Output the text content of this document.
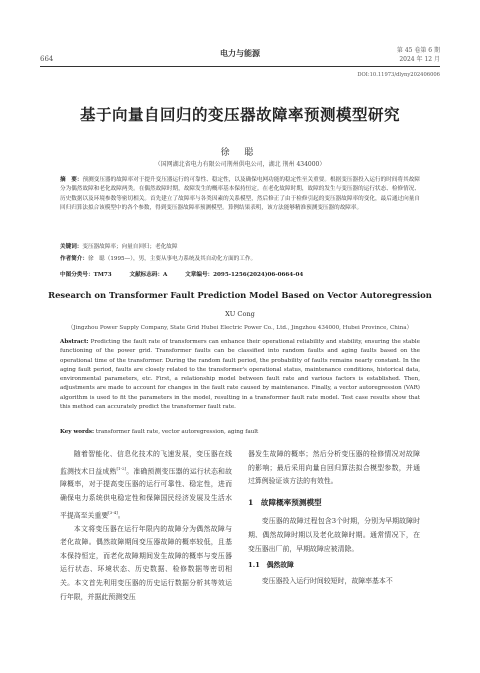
664
电力与能源	第 45 卷第 6 期
2024 年 12 月
DOI:10.11973/dlyny202406006
基于向量自回归的变压器故障率预测模型研究
徐 聪
（国网湖北省电力有限公司荆州供电公司，湖北 荆州 434000）
摘　要：预测变压器的故障率对于提升变压器运行的可靠性、稳定性，以及确保电网功能的稳定性至关重要。根据变压器投入运行的时间将其故障分为偶然故障和老化故障两类。在偶然故障时期，故障发生的概率基本保持恒定。在老化故障时期，故障的发生与变压器的运行状态、检修情况、历史数据以及环境参数等密切相关。首先建立了故障率与各类因素的关系模型，然后修正了由于检修引起的变压器故障率的变化，最后通过向量自回归归算法拟合该模型中的各个参数，得到变压器故障率预测模型。算例结果表明，该方法能够精准预测变压器的故障率。
关键词：变压器故障率；向量自回归；老化故障
作者简介：徐　聪（1995—），男，主要从事电力系统及其自动化方面的工作。
中图分类号：TM73	文献标志码：A	文章编号：2095-1256(2024)06-0664-04
Research on Transformer Fault Prediction Model Based on Vector Autoregression
XU Cong
（Jingzhou Power Supply Company, State Grid Hubei Electric Power Co., Ltd., Jingzhou 434000, Hubei Province, China）
Abstract: Predicting the fault rate of transformers can enhance their operational reliability and stability, ensuring the stable functioning of the power grid. Transformer faults can be classified into random faults and aging faults based on the operational time of the transformer. During the random fault period, the probability of faults remains nearly constant. In the aging fault period, faults are closely related to the transformer's operational status, maintenance conditions, historical data, environmental parameters, etc. First, a relationship model between fault rate and various factors is established. Then, adjustments are made to account for changes in the fault rate caused by maintenance. Finally, a vector autoregression (VAR) algorithm is used to fit the parameters in the model, resulting in a transformer fault rate model. Test case results show that this method can accurately predict the transformer fault rate.
Key words: transformer fault rate, vector autoregression, aging fault

随着智能化、信息化技术的飞速发展，变压器在线监测技术日益成熟[1-2]。准确预测变压器的运行状态和故障概率，对于提高变压器的运行可靠性、稳定性，进而确保电力系统供电稳定性和保障国民经济发展及生活水平提高至关重要[3-4]。

本文将变压器在运行年限内的故障分为偶然故障与老化故障。偶然故障期间变压器故障的概率较低，且基本保持恒定，而老化故障期间发生故障的概率与变压器运行状态、环境状态、历史数据、检修数据等密切相关。本文首先利用变压器的历史运行数据分析其等效运行年限，并据此预测变压

器发生故障的概率；然后分析变压器的检修情况对故障的影响；最后采用向量自回归算法拟合模型参数，并通过算例验证该方法的有效性。

1　故障概率预测模型

变压器的故障过程包含3个时期，分别为早期故障时期、偶然故障时期以及老化故障时期。通常情况下，在变压器出厂前，早期故障应被清除。

1.1　偶然故障

变压器投入运行时间较短时，故障率基本不
